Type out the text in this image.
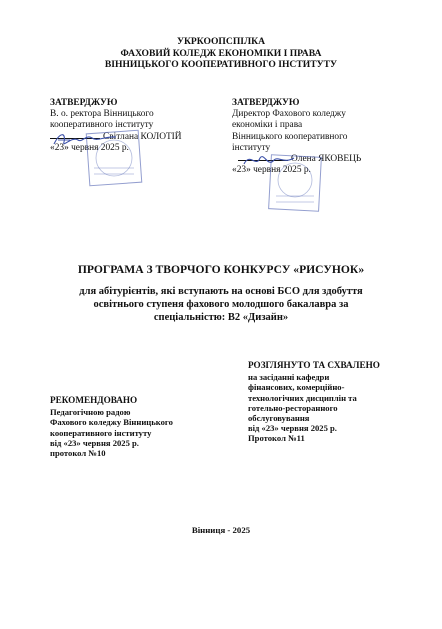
УКРКООПСПІЛКА
ФАХОВИЙ КОЛЕДЖ ЕКОНОМІКИ І ПРАВА
ВІННИЦЬКОГО КООПЕРАТИВНОГО ІНСТИТУТУ
ЗАТВЕРДЖУЮ
В. о. ректора Вінницького
кооперативного інституту
Світлана КОЛОТІЙ
«23» червня 2025 р.
ЗАТВЕРДЖУЮ
Директор Фахового коледжу
економіки і права
Вінницького кооперативного
інституту
Олена ЯКОВЕЦЬ
«23» червня 2025 р.
ПРОГРАМА З ТВОРЧОГО КОНКУРСУ «РИСУНОК»
для абітурієнтів, які вступають на основі БСО для здобуття
освітнього ступеня фахового молодшого бакалавра за
спеціальністю: В2 «Дизайн»
РОЗГЛЯНУТО ТА СХВАЛЕНО
на засіданні кафедри
фінансових, комерційно-
технологічних дисциплін та
готельно-ресторанного
обслуговування
від «23» червня 2025 р.
Протокол №11
РЕКОМЕНДОВАНО
Педагогічною радою
Фахового коледжу Вінницького
кооперативного інституту
від «23» червня 2025 р.
протокол №10
Вінниця - 2025
